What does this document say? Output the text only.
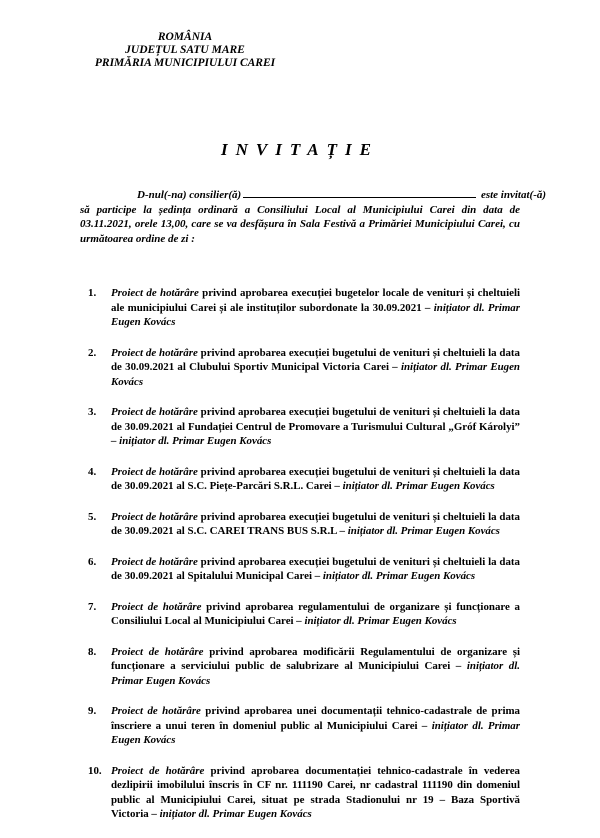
ROMÂNIA
JUDEȚUL SATU MARE
PRIMĂRIA MUNICIPIULUI CAREI
INVITAȚIE
D-nul(-na) consilier(ă)	este invitat(-ă)
să participe la ședința ordinară a Consiliului Local al Municipiului Carei din data de 03.11.2021, orele 13,00, care se va desfășura în Sala Festivă a Primăriei Municipiului Carei, cu următoarea ordine de zi :
1. Proiect de hotărâre privind aprobarea execuției bugetelor locale de venituri și cheltuieli ale municipiului Carei și ale instituților subordonate la 30.09.2021 – inițiator dl. Primar Eugen Kovács
2. Proiect de hotărâre privind aprobarea execuției bugetului de venituri și cheltuieli la data de 30.09.2021 al Clubului Sportiv Municipal Victoria Carei – inițiator dl. Primar Eugen Kovács
3. Proiect de hotărâre privind aprobarea execuției bugetului de venituri și cheltuieli la data de 30.09.2021 al Fundației Centrul de Promovare a Turismului Cultural „Gróf Károlyi” – inițiator dl. Primar Eugen Kovács
4. Proiect de hotărâre privind aprobarea execuției bugetului de venituri și cheltuieli la data de 30.09.2021 al S.C. Piețe-Parcări S.R.L. Carei – inițiator dl. Primar Eugen Kovács
5. Proiect de hotărâre privind aprobarea execuției bugetului de venituri și cheltuieli la data de 30.09.2021 al S.C. CAREI TRANS BUS S.R.L – inițiator dl. Primar Eugen Kovács
6. Proiect de hotărâre privind aprobarea execuției bugetului de venituri și cheltuieli la data de 30.09.2021 al Spitalului Municipal Carei – inițiator dl. Primar Eugen Kovács
7. Proiect de hotărâre privind aprobarea regulamentului de organizare și funcționare a Consiliului Local al Municipiului Carei – inițiator dl. Primar Eugen Kovács
8. Proiect de hotărâre privind aprobarea modificării Regulamentului de organizare și funcționare a serviciului public de salubrizare al Municipiului Carei – inițiator dl. Primar Eugen Kovács
9. Proiect de hotărâre privind aprobarea unei documentații tehnico-cadastrale de prima înscriere a unui teren în domeniul public al Municipiului Carei – inițiator dl. Primar Eugen Kovács
10. Proiect de hotărâre privind aprobarea documentației tehnico-cadastrale în vederea dezlipirii imobilului înscris în CF nr. 111190 Carei, nr cadastral 111190 din domeniul public al Municipiului Carei, situat pe strada Stadionului nr 19 – Baza Sportivă Victoria – inițiator dl. Primar Eugen Kovács
